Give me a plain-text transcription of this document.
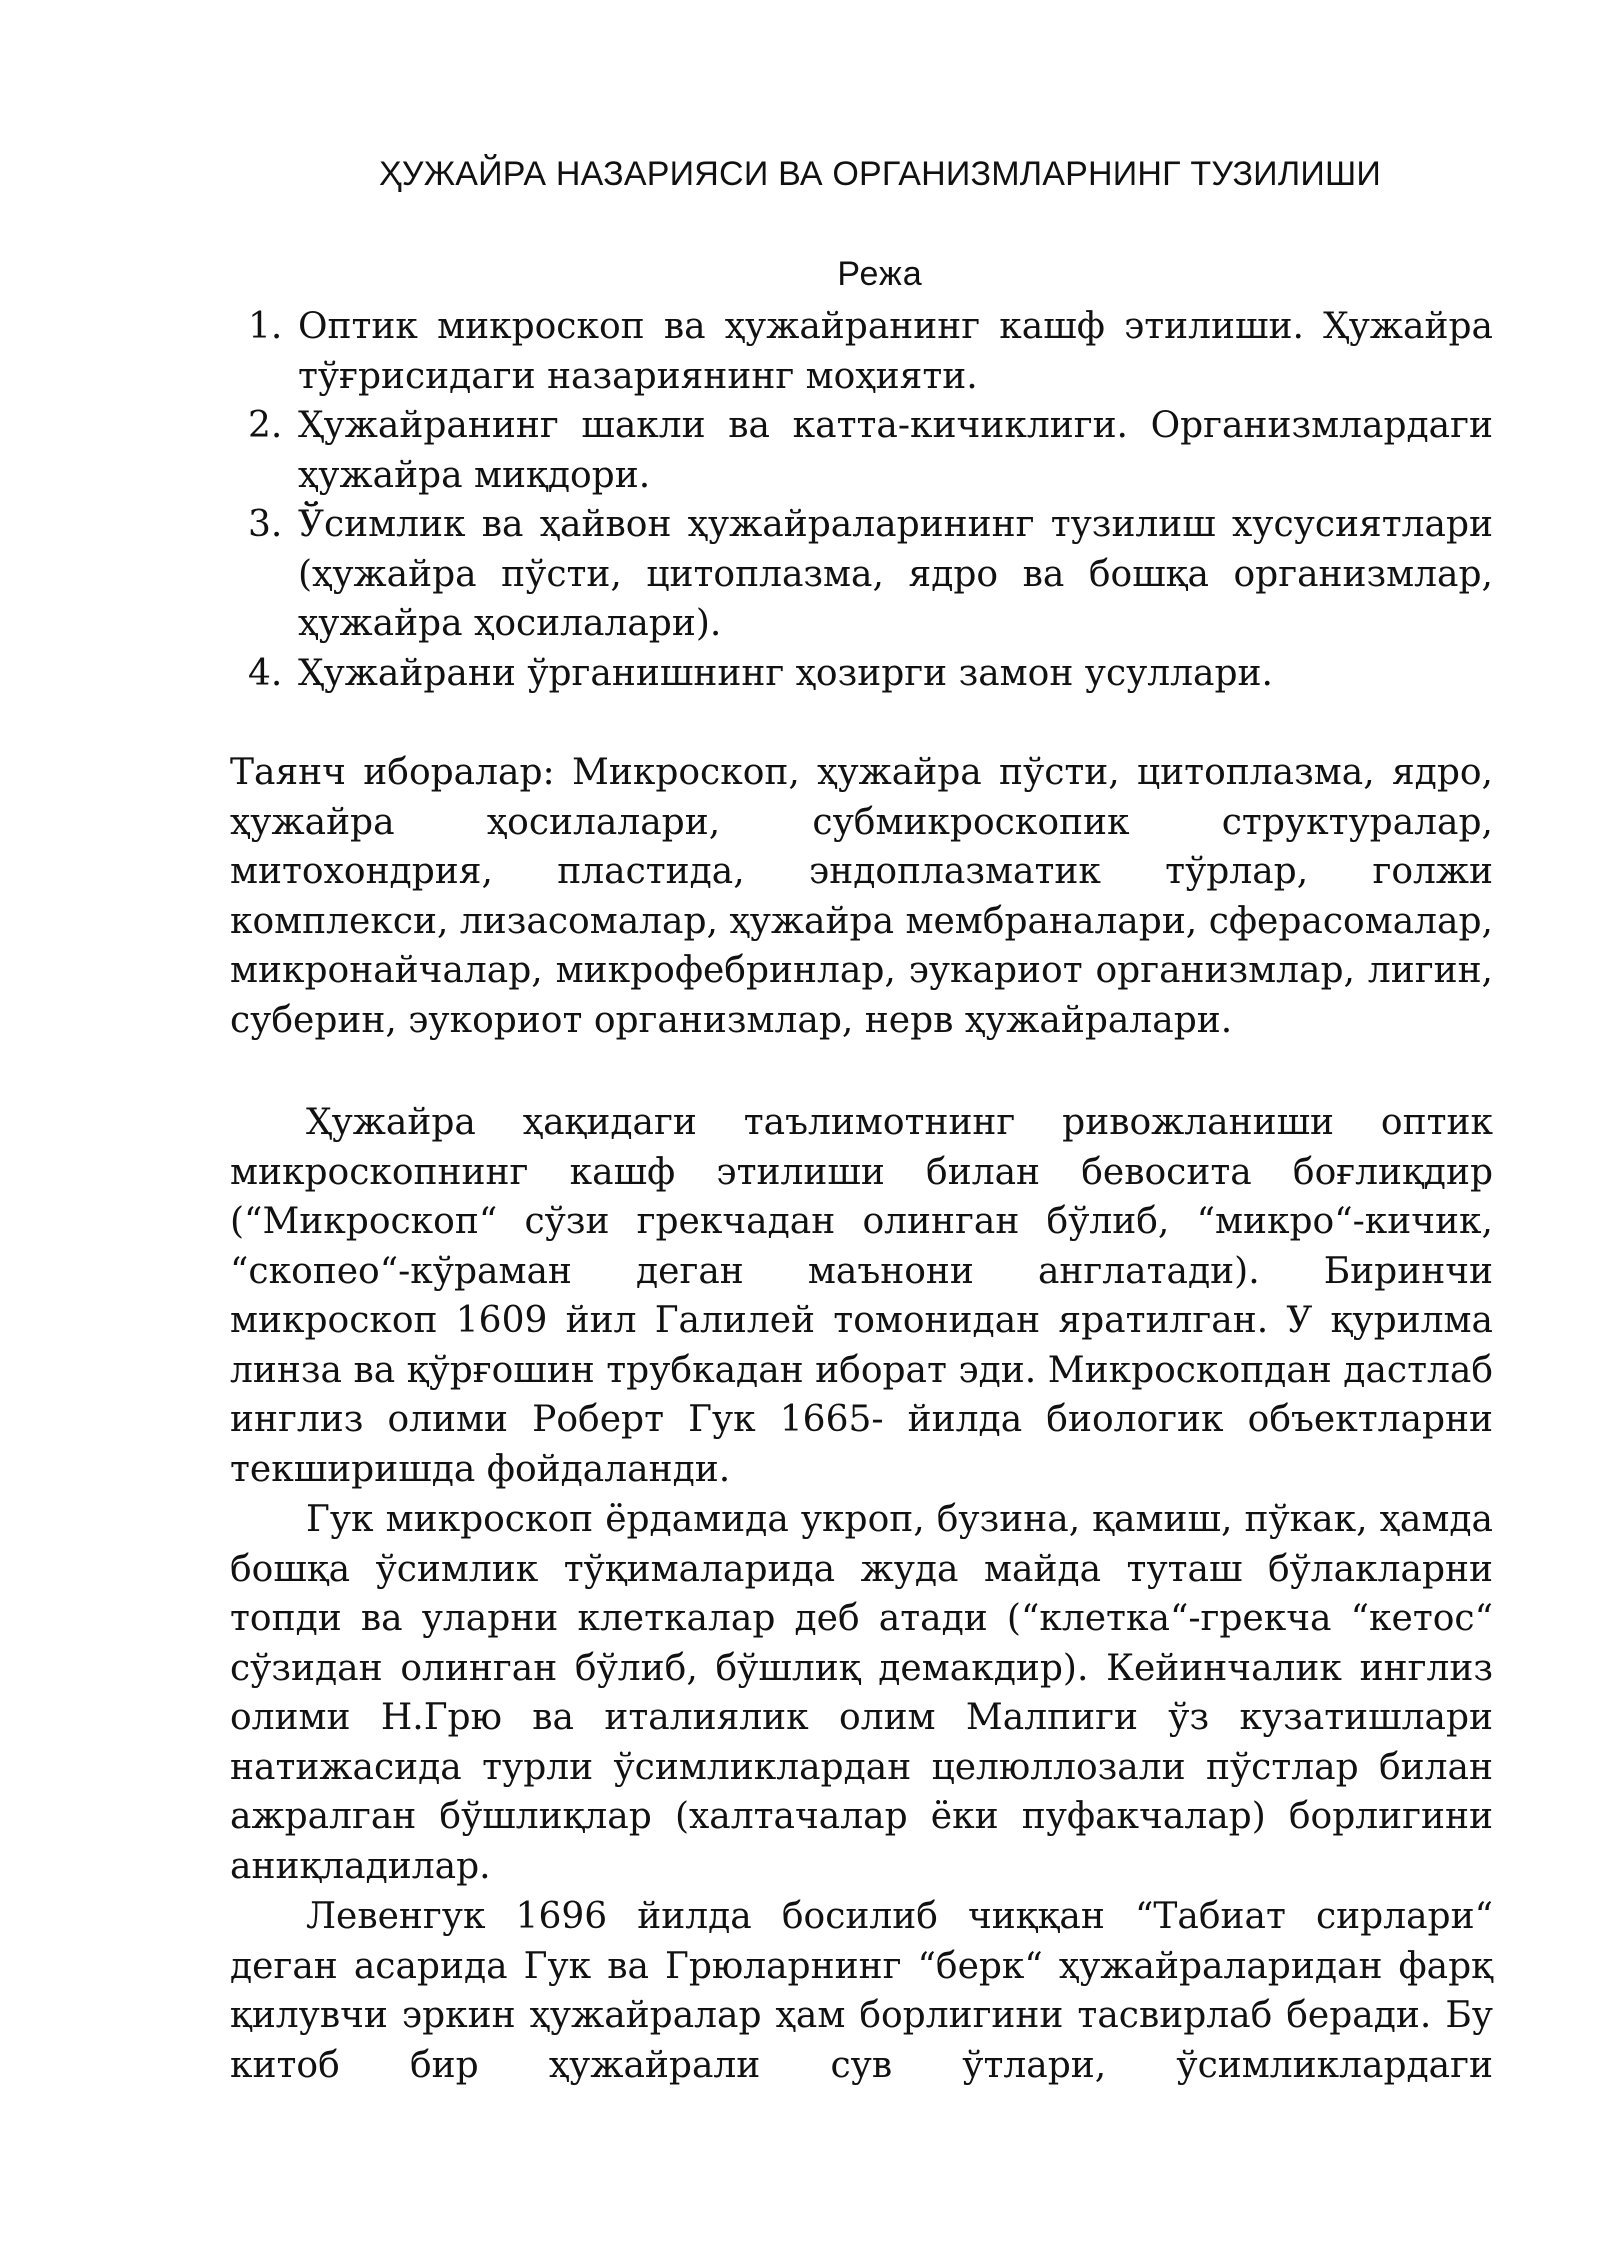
ҲУЖАЙРА НАЗАРИЯСИ ВА ОРГАНИЗМЛАРНИНГ ТУЗИЛИШИ
Режа
1. Оптик микроскоп ва ҳужайранинг кашф этилиши. Ҳужайра тўғрисидаги назариянинг моҳияти.
2. Ҳужайранинг шакли ва катта-кичиклиги. Организмлардаги ҳужайра миқдори.
3. Ўсимлик ва ҳайвон ҳужайраларининг тузилиш хусусиятлари (ҳужайра пўсти, цитоплазма, ядро ва бошқа организмлар, ҳужайра ҳосилалари).
4. Ҳужайрани ўрганишнинг ҳозирги замон усуллари.

Таянч иборалар: Микроскоп, ҳужайра пўсти, цитоплазма, ядро, ҳужайра ҳосилалари, субмикроскопик структуралар, митохондрия, пластида, эндоплазматик тўрлар, голжи комплекси, лизасомалар, ҳужайра мембраналари, сферасомалар, микронайчалар, микрофебринлар, эукариот организмлар, лигин, суберин, эукориот организмлар, нерв ҳужайралари.

Ҳужайра ҳақидаги таълимотнинг ривожланиши оптик микроскопнинг кашф этилиши билан бевосита боғлиқдир (“Микроскоп“ сўзи грекчадан олинган бўлиб, “микро“-кичик, “скопео“-кўраман деган маънони англатади). Биринчи микроскоп 1609 йил Галилей томонидан яратилган. У қурилма линза ва қўрғошин трубкадан иборат эди. Микроскопдан дастлаб инглиз олими Роберт Гук 1665- йилда биологик объектларни текширишда фойдаланди.

Гук микроскоп ёрдамида укроп, бузина, қамиш, пўкак, ҳамда бошқа ўсимлик тўқималарида жуда майда туташ бўлакларни топди ва уларни клеткалар деб атади (“клетка“-грекча “кетос“ сўзидан олинган бўлиб, бўшлиқ демакдир). Кейинчалик инглиз олими Н.Грю ва италиялик олим Малпиги ўз кузатишлари натижасида турли ўсимликлардан целюллозали пўстлар билан ажралган бўшлиқлар (халтачалар ёки пуфакчалар) борлигини аниқладилар.

Левенгук 1696 йилда босилиб чиққан “Табиат сирлари“ деган асарида Гук ва Грюларнинг “берк“ ҳужайраларидан фарқ қилувчи эркин ҳужайралар ҳам борлигини тасвирлаб беради. Бу китоб бир ҳужайрали сув ўтлари, ўсимликлардаги
